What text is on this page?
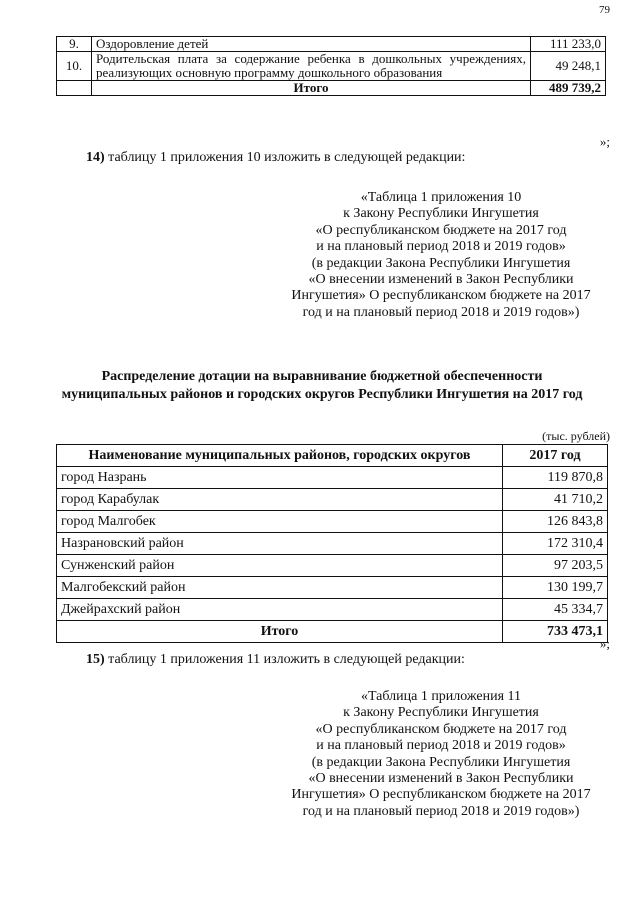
79
9.	Оздоровление детей	111 233,0
10.	Родительская плата за содержание ребенка в дошкольных учреждениях, реализующих основную программу дошкольного образования	49 248,1
	Итого	489 739,2
»;
14) таблицу 1 приложения 10 изложить в следующей редакции:
«Таблица 1 приложения 10
к Закону Республики Ингушетия
«О республиканском бюджете на 2017 год
и на плановый период 2018 и 2019 годов»
(в редакции Закона Республики Ингушетия
«О внесении изменений в Закон Республики
Ингушетия» О республиканском бюджете на 2017
год и на плановый период 2018 и 2019 годов»)
Распределение дотации на выравнивание бюджетной обеспеченности
муниципальных районов и городских округов Республики Ингушетия на 2017 год
(тыс. рублей)
Наименование муниципальных районов, городских округов	2017 год
город Назрань	119 870,8
город Карабулак	41 710,2
город Малгобек	126 843,8
Назрановский район	172 310,4
Сунженский район	97 203,5
Малгобекский район	130 199,7
Джейрахский район	45 334,7
Итого	733 473,1
»;
15) таблицу 1 приложения 11 изложить в следующей редакции:
«Таблица 1 приложения 11
к Закону Республики Ингушетия
«О республиканском бюджете на 2017 год
и на плановый период 2018 и 2019 годов»
(в редакции Закона Республики Ингушетия
«О внесении изменений в Закон Республики
Ингушетия» О республиканском бюджете на 2017
год и на плановый период 2018 и 2019 годов»)
